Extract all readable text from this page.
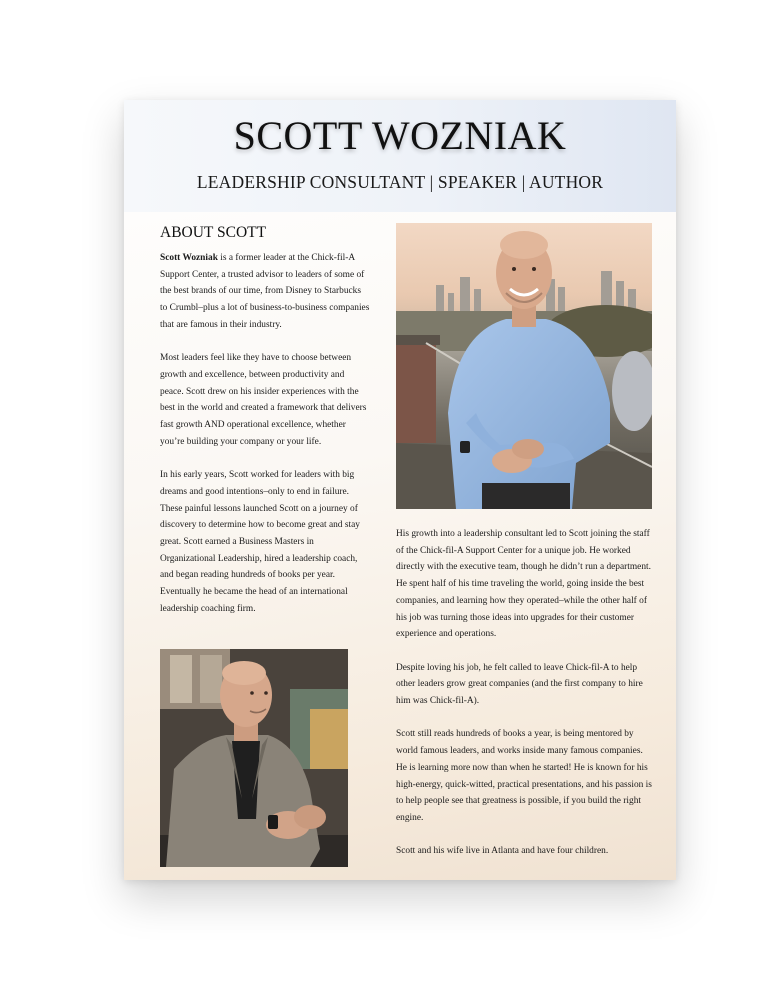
SCOTT WOZNIAK
LEADERSHIP CONSULTANT | SPEAKER | AUTHOR
ABOUT SCOTT

Scott Wozniak is a former leader at the Chick-fil-A Support Center, a trusted advisor to leaders of some of the best brands of our time, from Disney to Starbucks to Crumbl–plus a lot of business-to-business companies that are famous in their industry.

Most leaders feel like they have to choose between growth and excellence, between productivity and peace. Scott drew on his insider experiences with the best in the world and created a framework that delivers fast growth AND operational excellence, whether you’re building your company or your life.

In his early years, Scott worked for leaders with big dreams and good intentions–only to end in failure. These painful lessons launched Scott on a journey of discovery to determine how to become great and stay great. Scott earned a Business Masters in Organizational Leadership, hired a leadership coach, and began reading hundreds of books per year. Eventually he became the head of an international leadership coaching firm.

His growth into a leadership consultant led to Scott joining the staff of the Chick-fil-A Support Center for a unique job. He worked directly with the executive team, though he didn’t run a department. He spent half of his time traveling the world, going inside the best companies, and learning how they operated–while the other half of his job was turning those ideas into upgrades for their customer experience and operations.

Despite loving his job, he felt called to leave Chick-fil-A to help other leaders grow great companies (and the first company to hire him was Chick-fil-A).

Scott still reads hundreds of books a year, is being mentored by world famous leaders, and works inside many famous companies. He is learning more now than when he started! He is known for his high-energy, quick-witted, practical presentations, and his passion is to help people see that greatness is possible, if you build the right engine.

Scott and his wife live in Atlanta and have four children.
